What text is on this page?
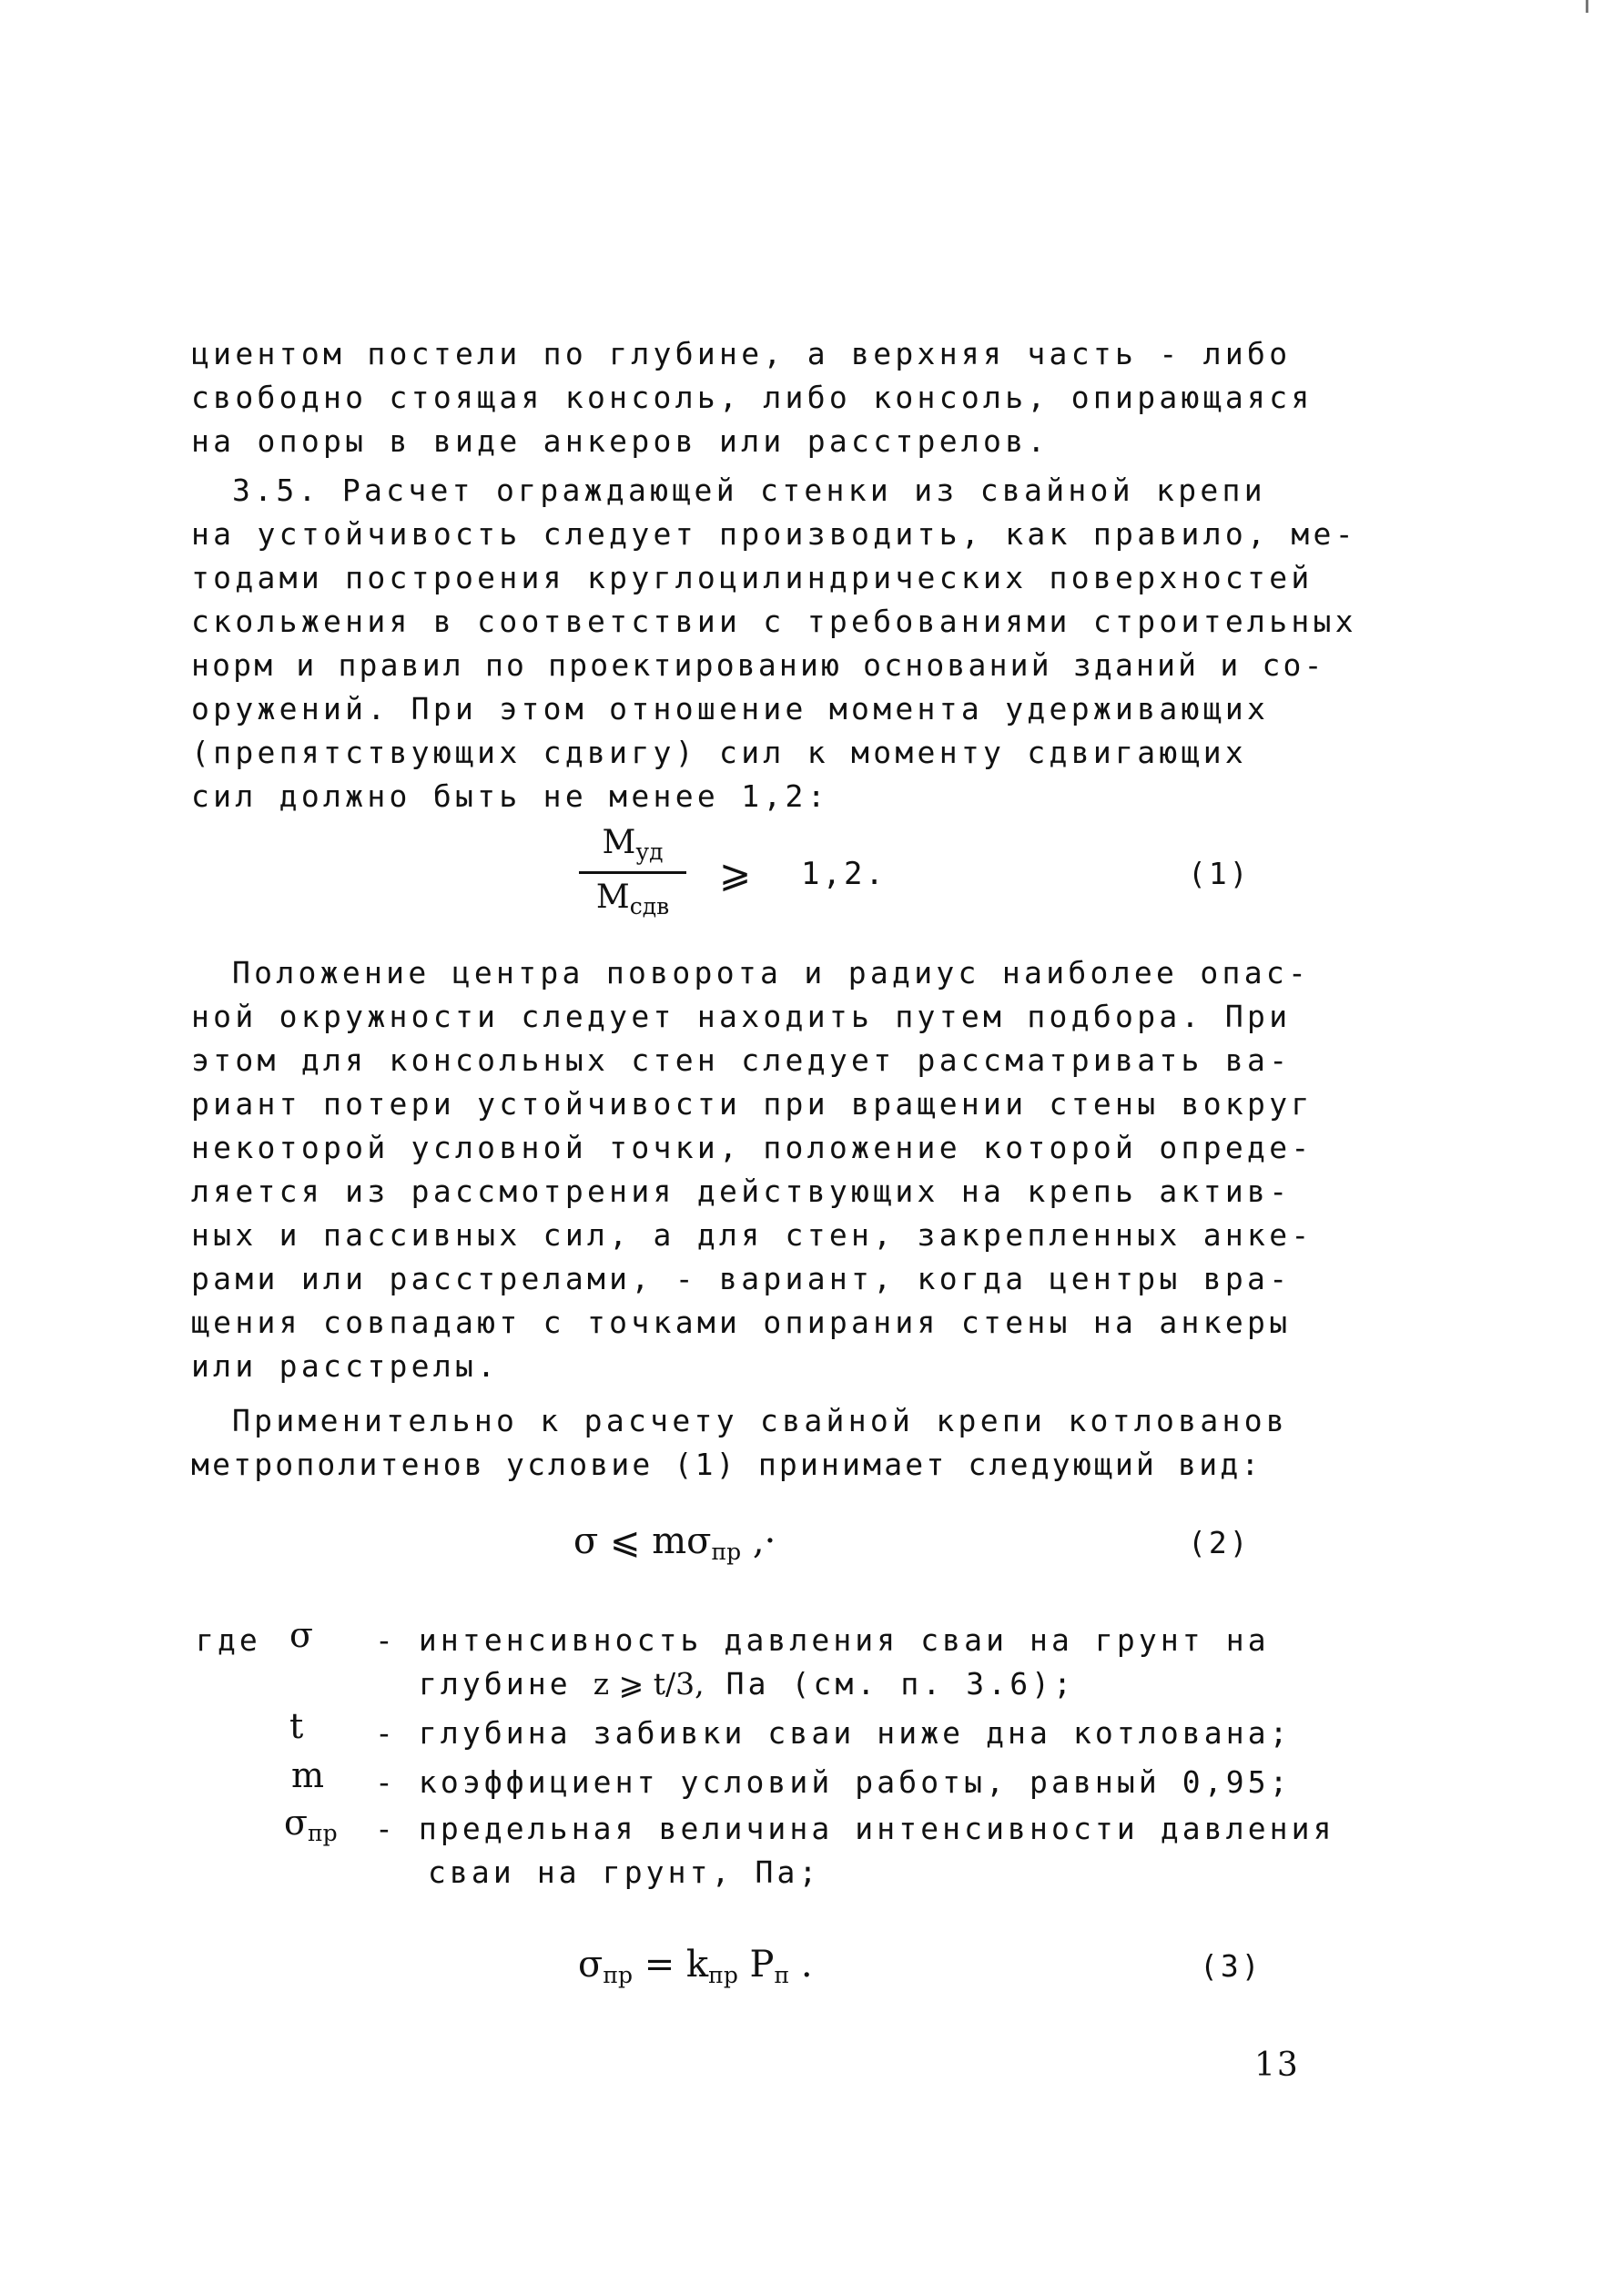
циентом постели по глубине, а верхняя часть - либо
свободно стоящая консоль, либо консоль, опирающаяся
на опоры в виде анкеров или расстрелов.
3.5. Расчет ограждающей стенки из свайной крепи
на устойчивость следует производить, как правило, ме-
тодами построения круглоцилиндрических поверхностей
скольжения в соответствии с требованиями строительных
норм и правил по проектированию оснований зданий и со-
оружений. При этом отношение момента удерживающих
(препятствующих сдвигу) сил к моменту сдвигающих
сил должно быть не менее 1,2:
$M_{уд}$
$M_{сдв}$
⩾ 1,2.	(1)
Положение центра поворота и радиус наиболее опас-
ной окружности следует находить путем подбора. При
этом для консольных стен следует рассматривать ва-
риант потери устойчивости при вращении стены вокруг
некоторой условной точки, положение которой опреде-
ляется из рассмотрения действующих на крепь актив-
ных и пассивных сил, а для стен, закрепленных анке-
рами или расстрелами, - вариант, когда центры вра-
щения совпадают с точками опирания стены на анкеры
или расстрелы.
Применительно к расчету свайной крепи котлованов
метрополитенов условие (1) принимает следующий вид:
σ ⩽ $m\sigma_{пр}$ ,·	(2)
где σ - интенсивность давления сваи на грунт на
глубине z ⩾ t/3, Па (см. п. 3.6);
t - глубина забивки сваи ниже дна котлована;
m - коэффициент условий работы, равный 0,95;
$\sigma_{пр}$ - предельная величина интенсивности давления
сваи на грунт, Па;
$\sigma_{пр} = k_{пр}$ $P_п$ .	(3)
13
